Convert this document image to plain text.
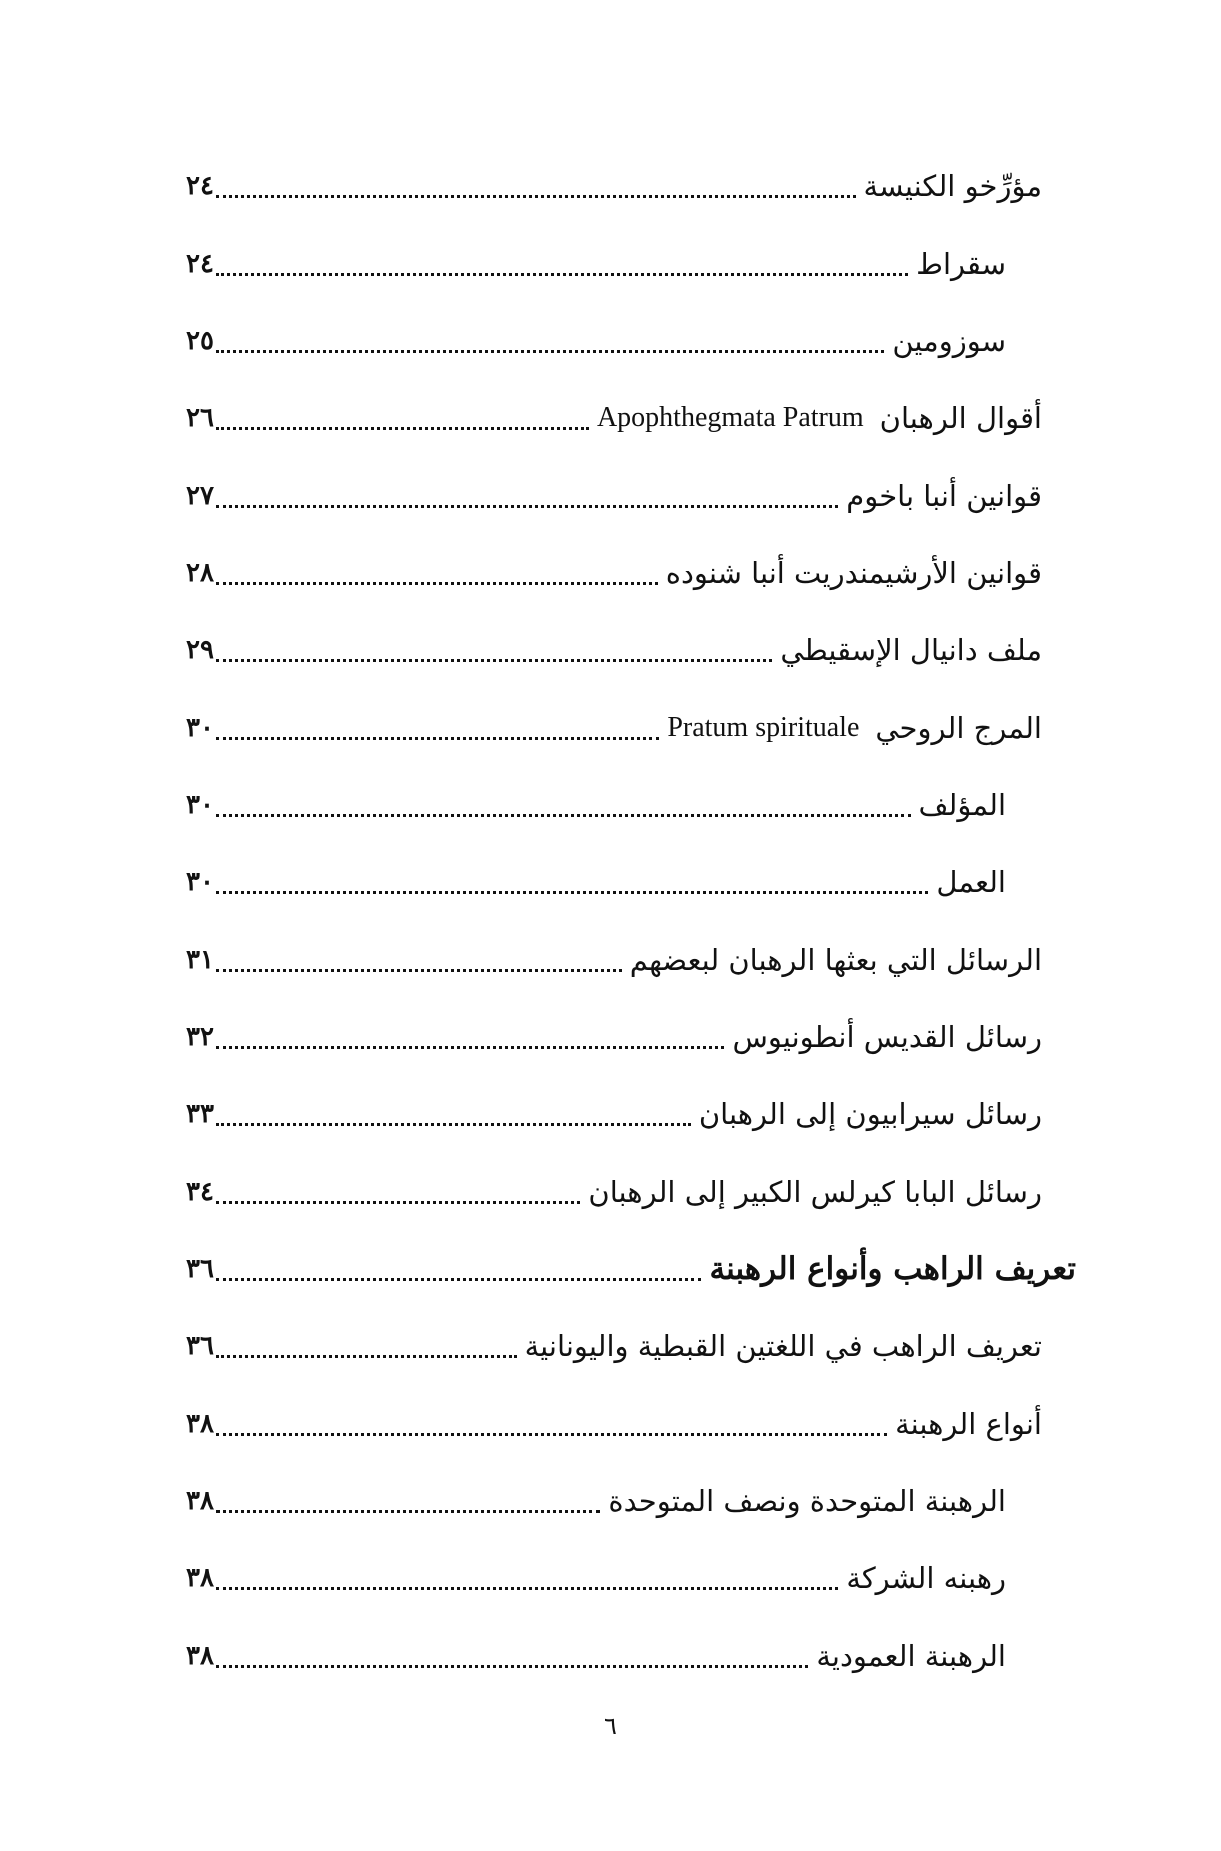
مؤرِّخو الكنيسة
٢٤
سقراط
٢٤
سوزومين
٢٥
أقوال الرهبان
Apophthegmata Patrum
٢٦
قوانين أنبا باخوم
٢٧
قوانين الأرشيمندريت أنبا شنوده
٢٨
ملف دانيال الإسقيطي
٢٩
المرج الروحي
Pratum spirituale
٣٠
المؤلف
٣٠
العمل
٣٠
الرسائل التي بعثها الرهبان لبعضهم
٣١
رسائل القديس أنطونيوس
٣٢
رسائل سيرابيون إلى الرهبان
٣٣
رسائل البابا كيرلس الكبير إلى الرهبان
٣٤
تعريف الراهب وأنواع الرهبنة
٣٦
تعريف الراهب في اللغتين القبطية واليونانية
٣٦
أنواع الرهبنة
٣٨
الرهبنة المتوحدة ونصف المتوحدة
٣٨
رهبنه الشركة
٣٨
الرهبنة العمودية
٣٨
٦
